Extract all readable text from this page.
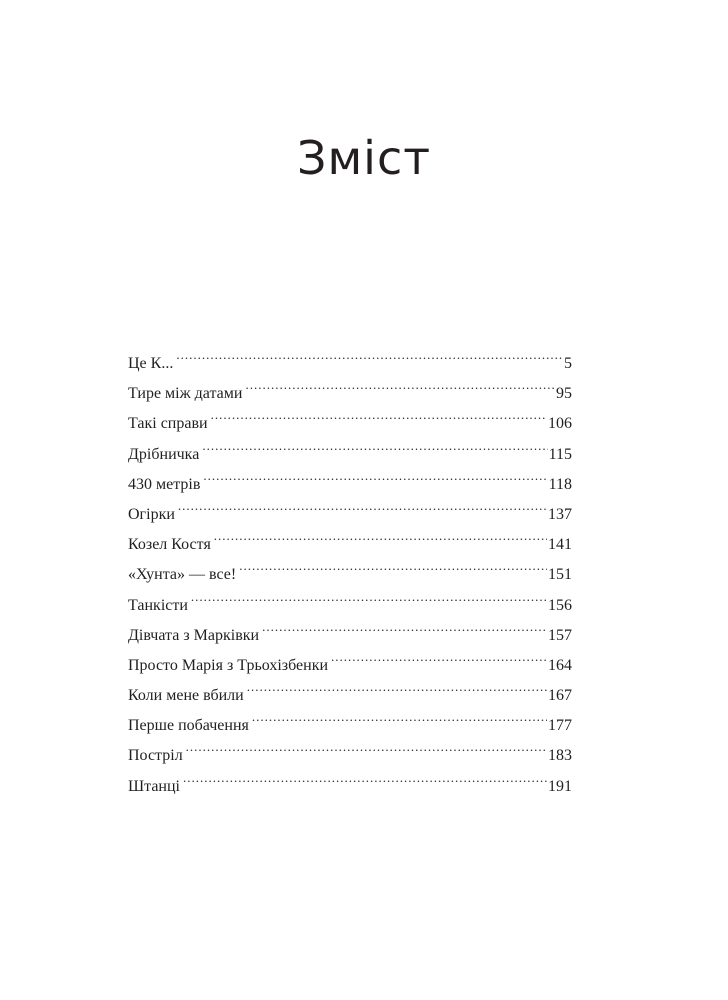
Зміст
Це К... .....	5
Тире між датами .....	95
Такі справи .....	106
Дрібничка .....	115
430 метрів .....	118
Огірки .....	137
Козел Костя .....	141
«Хунта» — все! .....	151
Танкісти .....	156
Дівчата з Марківки .....	157
Просто Марія з Трьохізбенки .....	164
Коли мене вбили .....	167
Перше побачення .....	177
Постріл .....	183
Штанці .....	191
